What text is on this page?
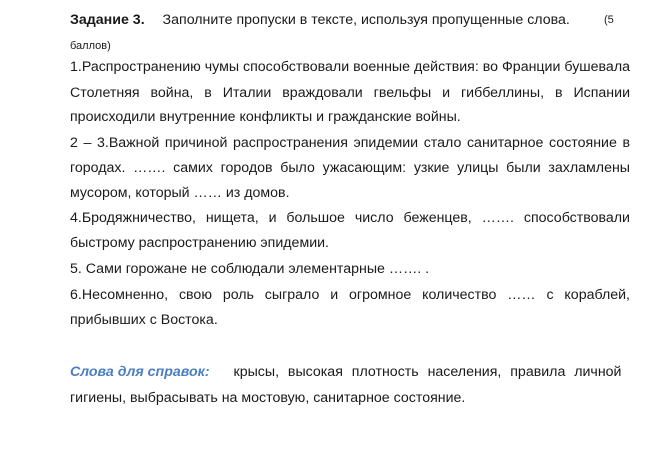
Задание 3. Заполните пропуски в тексте, используя пропущенные слова.	(5
баллов)
1.Распространению чумы способствовали военные действия: во Франции бушевала
Столетняя война, в Италии враждовали гвельфы и гиббеллины, в Испании
происходили внутренние конфликты и гражданские войны.
2 – 3.Важной причиной распространения эпидемии стало санитарное состояние в
городах. ……. самих городов было ужасающим: узкие улицы были захламлены
мусором, который …… из домов.
4.Бродяжничество, нищета, и большое число беженцев, ……. способствовали
быстрому распространению эпидемии.
5. Сами горожане не соблюдали элементарные ……. .
6.Несомненно, свою роль сыграло и огромное количество …… с кораблей,
прибывших с Востока.
Слова для справок: крысы, высокая плотность населения, правила личной
гигиены, выбрасывать на мостовую, санитарное состояние.
